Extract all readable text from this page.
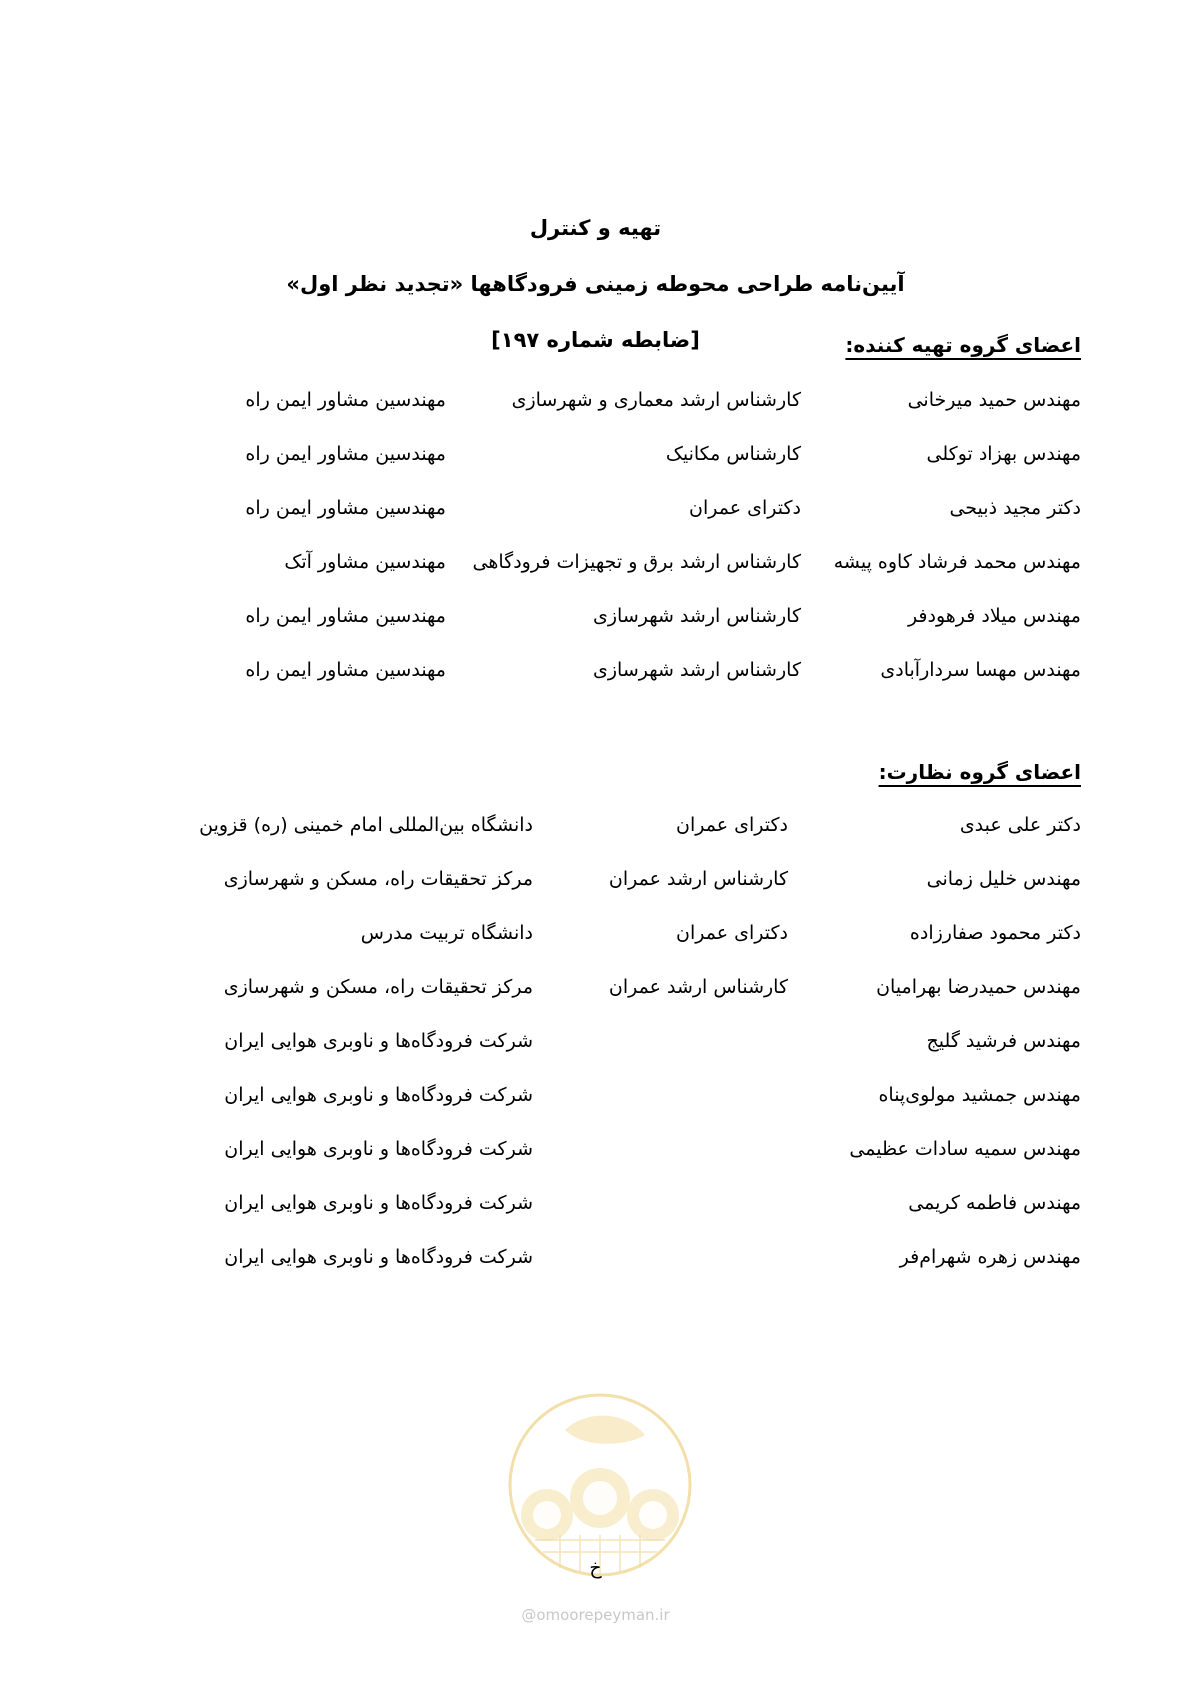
تهیه و کنترل
آیین‌نامه طراحی محوطه زمینی فرودگاهها «تجدید نظر اول»
[ضابطه شماره ۱۹۷]	اعضای گروه تهیه کننده:
مهندس حمید میرخانی
کارشناس ارشد معماری و شهرسازی
مهندسین مشاور ایمن راه
مهندس بهزاد توکلی
کارشناس مکانیک
مهندسین مشاور ایمن راه
دکتر مجید ذبیحی
دکترای عمران
مهندسین مشاور ایمن راه
مهندس محمد فرشاد کاوه پیشه
کارشناس ارشد برق و تجهیزات فرودگاهی
مهندسین مشاور آتک
مهندس میلاد فرهودفر
کارشناس ارشد شهرسازی
مهندسین مشاور ایمن راه
مهندس مهسا سردارآبادی
کارشناس ارشد شهرسازی
مهندسین مشاور ایمن راه
اعضای گروه نظارت:
دکتر علی عبدی
دکترای عمران
دانشگاه بین‌المللی امام خمینی (ره) قزوین
مهندس خلیل زمانی
کارشناس ارشد عمران
مرکز تحقیقات راه، مسکن و شهرسازی
دکتر محمود صفارزاده
دکترای عمران
دانشگاه تربیت مدرس
مهندس حمیدرضا بهرامیان
کارشناس ارشد عمران
مرکز تحقیقات راه، مسکن و شهرسازی
مهندس فرشید گلیج
شرکت فرودگاه‌ها و ناوبری هوایی ایران
مهندس جمشید مولوی‌پناه
شرکت فرودگاه‌ها و ناوبری هوایی ایران
مهندس سمیه سادات عظیمی
شرکت فرودگاه‌ها و ناوبری هوایی ایران
مهندس فاطمه کریمی
شرکت فرودگاه‌ها و ناوبری هوایی ایران
مهندس زهره شهرام‌فر
شرکت فرودگاه‌ها و ناوبری هوایی ایران
خ
@omoorepeyman.ir
